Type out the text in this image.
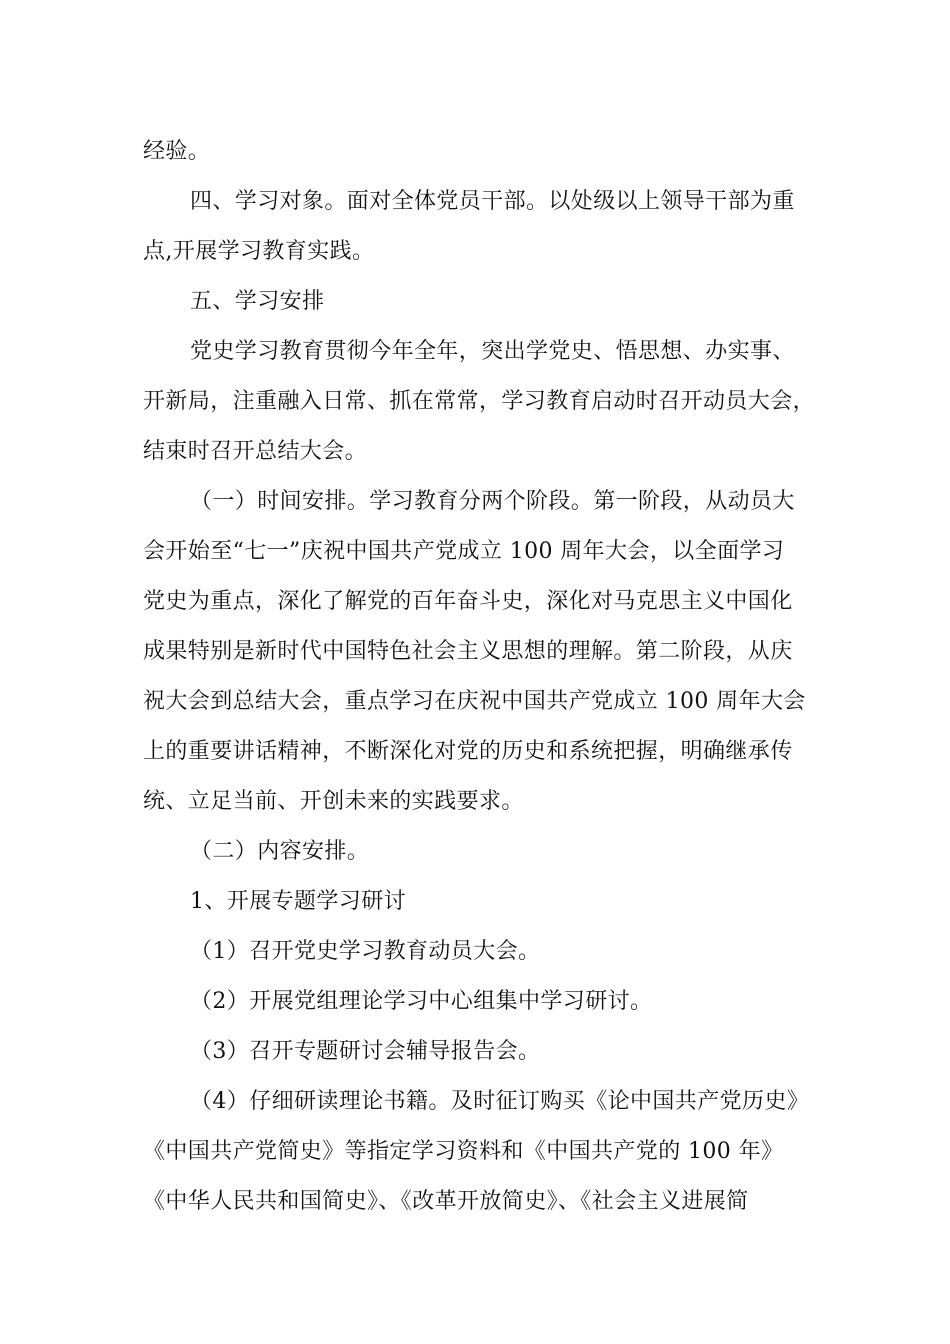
经验。
四、学习对象。面对全体党员干部。以处级以上领导干部为重
点,开展学习教育实践。
五、学习安排
党史学习教育贯彻今年全年，突出学党史、悟思想、办实事、
开新局，注重融入日常、抓在常常，学习教育启动时召开动员大会，
结束时召开总结大会。
（一）时间安排。学习教育分两个阶段。第一阶段，从动员大
会开始至“七一”庆祝中国共产党成立 100 周年大会，以全面学习
党史为重点，深化了解党的百年奋斗史，深化对马克思主义中国化
成果特别是新时代中国特色社会主义思想的理解。第二阶段，从庆
祝大会到总结大会，重点学习在庆祝中国共产党成立 100 周年大会
上的重要讲话精神，不断深化对党的历史和系统把握，明确继承传
统、立足当前、开创未来的实践要求。
（二）内容安排。
1、开展专题学习研讨
（1）召开党史学习教育动员大会。
（2）开展党组理论学习中心组集中学习研讨。
（3）召开专题研讨会辅导报告会。
（4）仔细研读理论书籍。及时征订购买《论中国共产党历史》
《中国共产党简史》等指定学习资料和《中国共产党的 100 年》
《中华人民共和国简史》、《改革开放简史》、《社会主义进展简
